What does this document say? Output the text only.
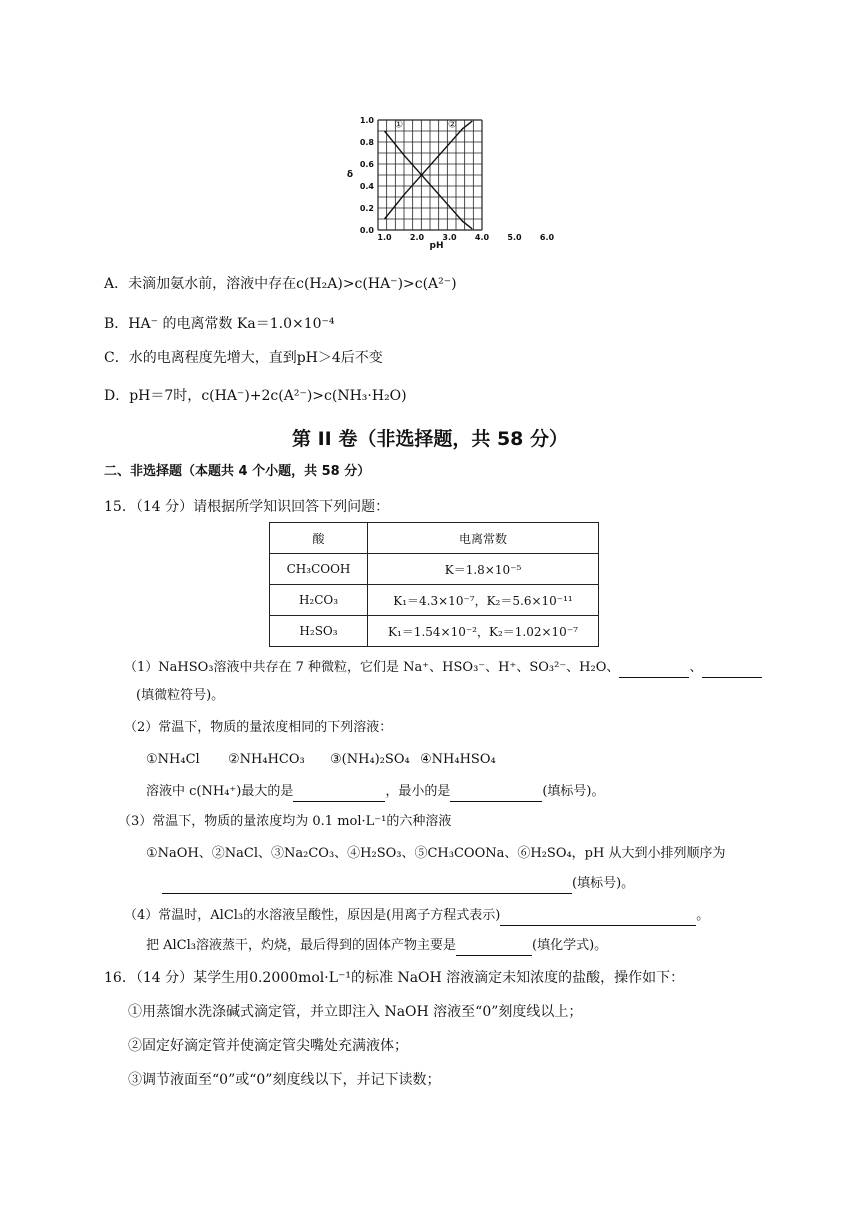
0.0
0.2
0.4
0.6
0.8
1.0
1.0 2.0 3.0 4.0 5.0 6.0
δ
pH
①	②
A．未滴加氨水前，溶液中存在c(H₂A)>c(HA⁻)>c(A²⁻)
B．HA⁻ 的电离常数 Ka＝1.0×10⁻⁴
C．水的电离程度先增大，直到pH＞4后不变
D．pH＝7时，c(HA⁻)+2c(A²⁻)>c(NH₃·H₂O)
第 II 卷（非选择题，共 58 分）
二、非选择题（本题共 4 个小题，共 58 分）
15．（14 分）请根据所学知识回答下列问题：
酸	电离常数
CH₃COOH	K＝1.8×10⁻⁵
H₂CO₃	K₁＝4.3×10⁻⁷，K₂＝5.6×10⁻¹¹
H₂SO₃	K₁＝1.54×10⁻²，K₂＝1.02×10⁻⁷
（1）NaHSO₃溶液中共存在 7 种微粒，它们是 Na⁺、HSO₃⁻、H⁺、SO₃²⁻、H₂O、	、
(填微粒符号)。
（2）常温下，物质的量浓度相同的下列溶液：
①NH₄Cl ②NH₄HCO₃ ③(NH₄)₂SO₄ ④NH₄HSO₄
溶液中 c(NH₄⁺)最大的是	，最小的是	(填标号)。
（3）常温下，物质的量浓度均为 0.1 mol·L⁻¹的六种溶液
①NaOH、②NaCl、③Na₂CO₃、④H₂SO₃、⑤CH₃COONa、⑥H₂SO₄，pH 从大到小排列顺序为
(填标号)。
（4）常温时，AlCl₃的水溶液呈酸性，原因是(用离子方程式表示)	。
把 AlCl₃溶液蒸干，灼烧，最后得到的固体产物主要是	(填化学式)。
16．（14 分）某学生用0.2000mol·L⁻¹的标准 NaOH 溶液滴定未知浓度的盐酸，操作如下：
①用蒸馏水洗涤碱式滴定管，并立即注入 NaOH 溶液至“0”刻度线以上；
②固定好滴定管并使滴定管尖嘴处充满液体；
③调节液面至“0”或“0”刻度线以下，并记下读数；
